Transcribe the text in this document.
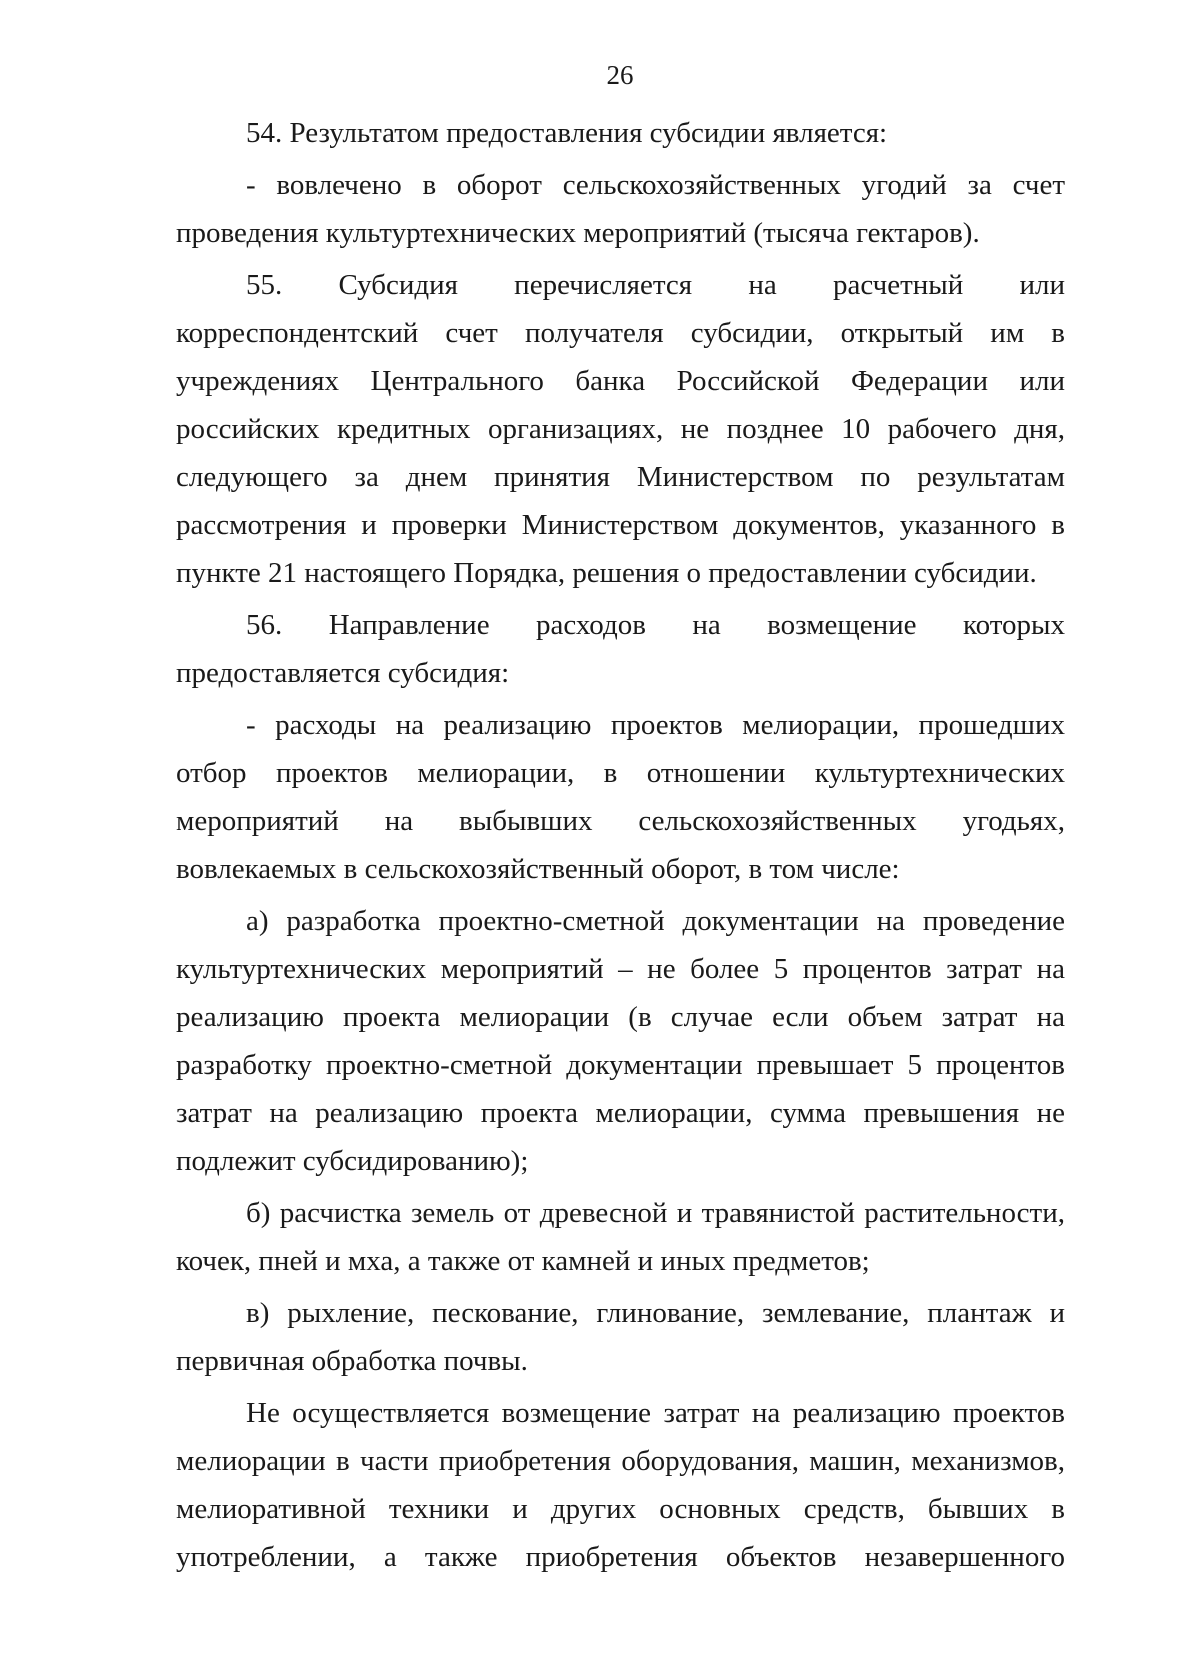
26

54. Результатом предоставления субсидии является:

- вовлечено в оборот сельскохозяйственных угодий за счет проведения культуртехнических мероприятий (тысяча гектаров).

55. Субсидия перечисляется на расчетный или корреспондентский счет получателя субсидии, открытый им в учреждениях Центрального банка Российской Федерации или российских кредитных организациях, не позднее 10 рабочего дня, следующего за днем принятия Министерством по результатам рассмотрения и проверки Министерством документов, указанного в пункте 21 настоящего Порядка, решения о предоставлении субсидии.

56. Направление расходов на возмещение которых предоставляется субсидия:

- расходы на реализацию проектов мелиорации, прошедших отбор проектов мелиорации, в отношении культуртехнических мероприятий на выбывших сельскохозяйственных угодьях, вовлекаемых в сельскохозяйственный оборот, в том числе:

а) разработка проектно-сметной документации на проведение культуртехнических мероприятий – не более 5 процентов затрат на реализацию проекта мелиорации (в случае если объем затрат на разработку проектно-сметной документации превышает 5 процентов затрат на реализацию проекта мелиорации, сумма превышения не подлежит субсидированию);

б) расчистка земель от древесной и травянистой растительности, кочек, пней и мха, а также от камней и иных предметов;

в) рыхление, пескование, глинование, землевание, плантаж и первичная обработка почвы.

Не осуществляется возмещение затрат на реализацию проектов мелиорации в части приобретения оборудования, машин, механизмов, мелиоративной техники и других основных средств, бывших в употреблении, а также приобретения объектов незавершенного
